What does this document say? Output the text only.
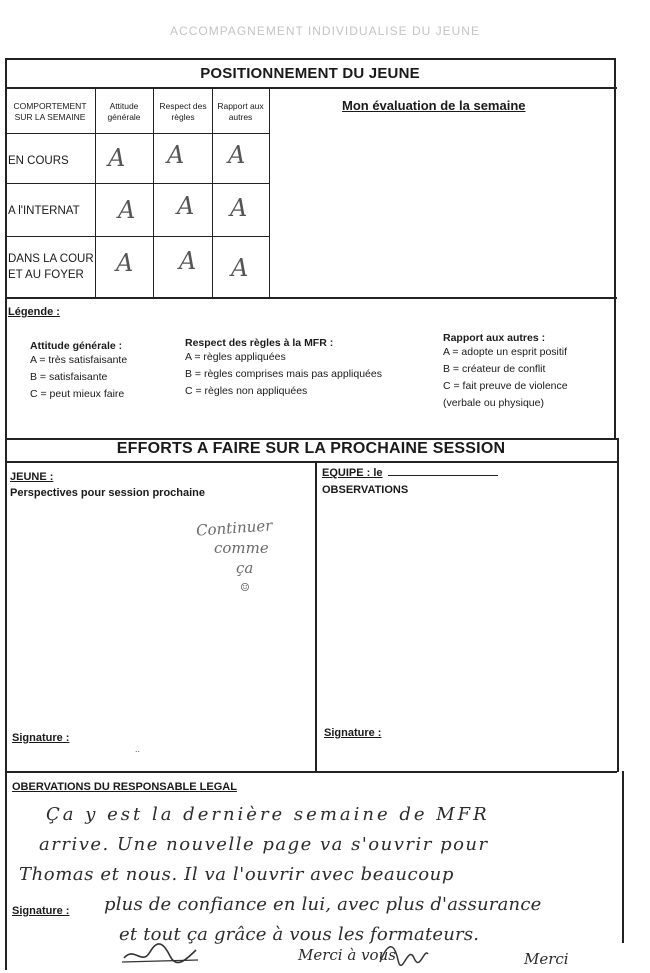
ACCOMPAGNEMENT INDIVIDUALISE DU JEUNE
POSITIONNEMENT DU JEUNE
COMPORTEMENT SUR LA SEMAINE
Attitude générale
Respect des règles
Rapport aux autres
EN COURS
A l'INTERNAT
DANS LA COUR ET AU FOYER
A A A
A A A
A A A
Mon évaluation de la semaine
Légende :
Attitude générale :
A = très satisfaisante
B = satisfaisante
C = peut mieux faire
Respect des règles à la MFR :
A = règles appliquées
B = règles comprises mais pas appliquées
C = règles non appliquées
Rapport aux autres :
A = adopte un esprit positif
B = créateur de conflit
C = fait preuve de violence
(verbale ou physique)
EFFORTS A FAIRE SUR LA PROCHAINE SESSION
JEUNE :
Perspectives pour session prochaine
Continuer
comme
ça
☺
EQUIPE : le
OBSERVATIONS
Signature :
..
Signature :
OBERVATIONS DU RESPONSABLE LEGAL
Ça y est la dernière semaine de MFR
arrive. Une nouvelle page va s'ouvrir pour
Thomas et nous. Il va l'ouvrir avec beaucoup
plus de confiance en lui, avec plus d'assurance
et tout ça grâce à vous les formateurs.
Signature :
Merci à vous	Merci
